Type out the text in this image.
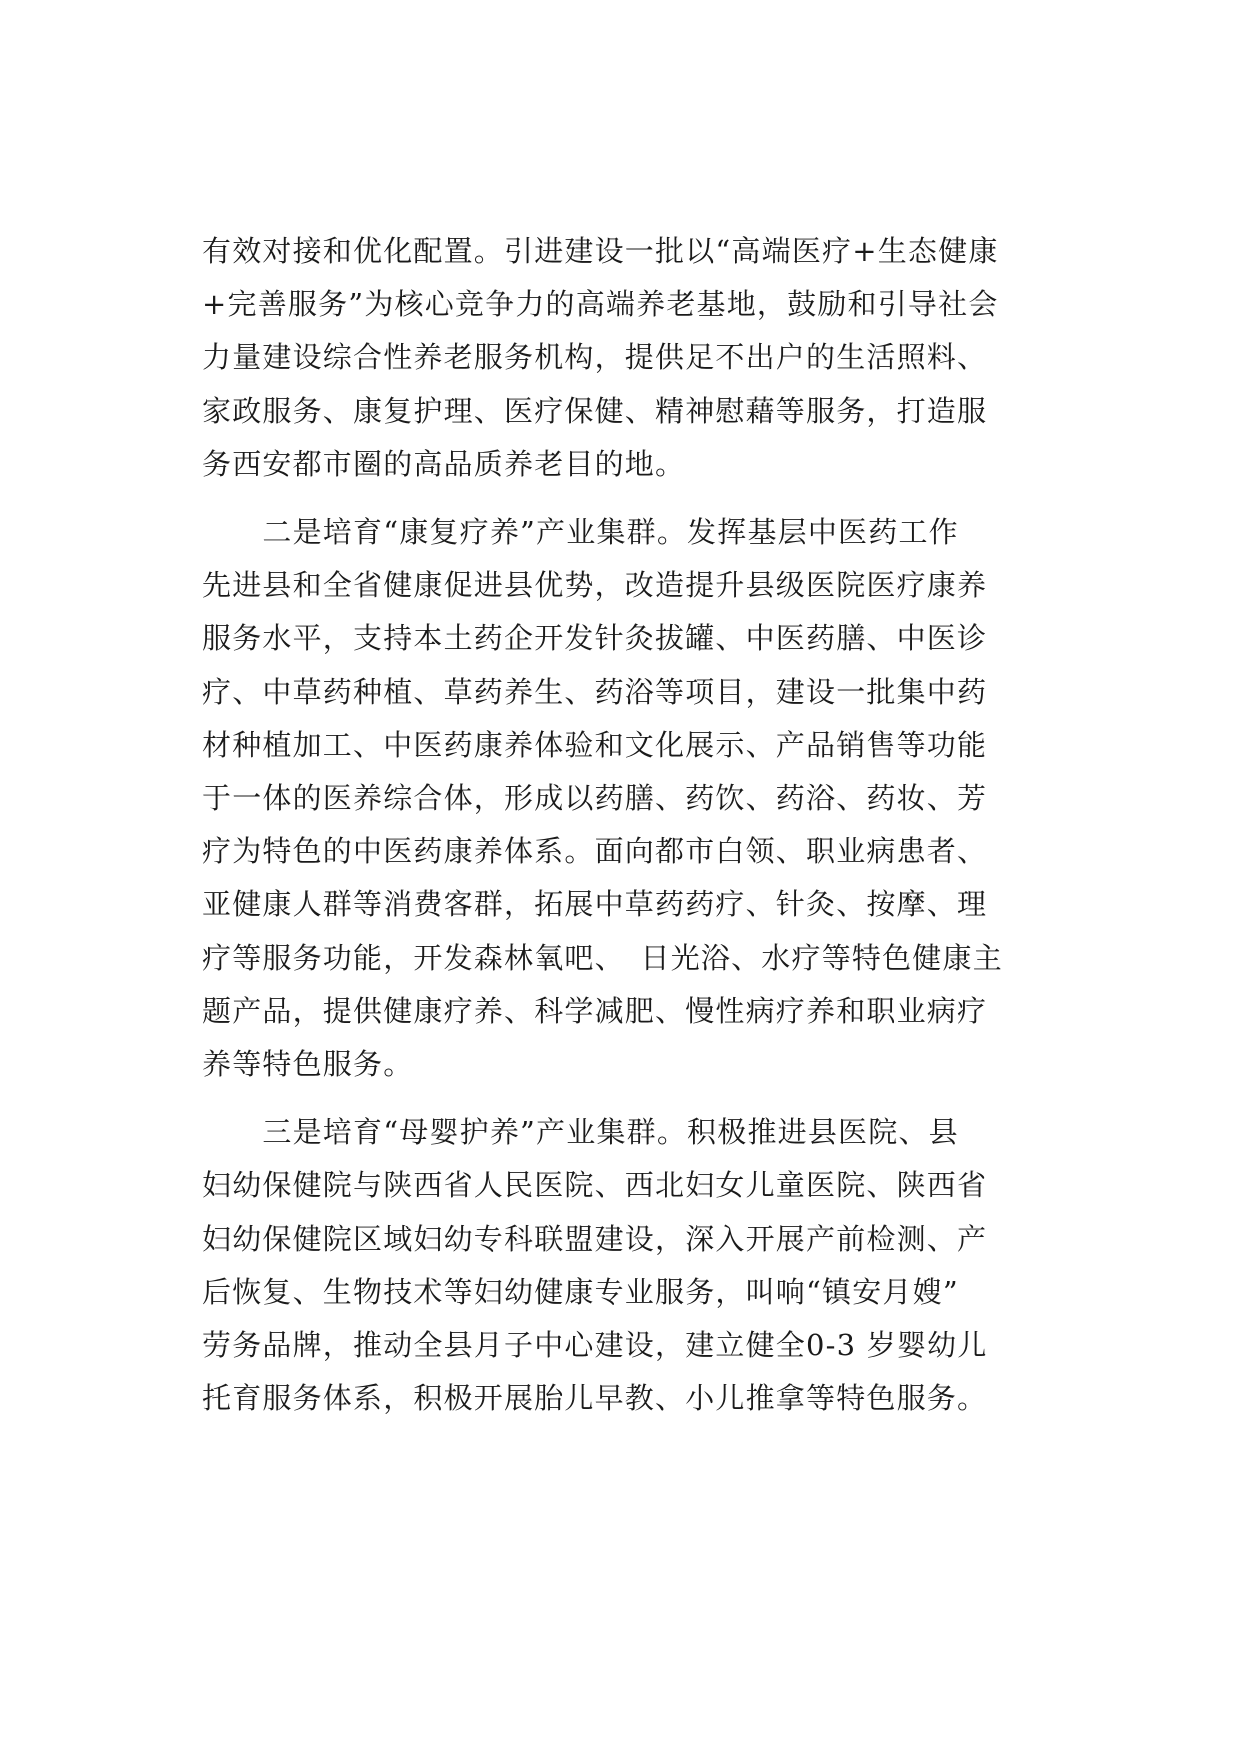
有效对接和优化配置。引进建设一批以“高端医疗+生态健康
+完善服务”为核心竞争力的高端养老基地，鼓励和引导社会
力量建设综合性养老服务机构，提供足不出户的生活照料、
家政服务、康复护理、医疗保健、精神慰藉等服务，打造服
务西安都市圈的高品质养老目的地。
　　二是培育“康复疗养”产业集群。发挥基层中医药工作
先进县和全省健康促进县优势，改造提升县级医院医疗康养
服务水平，支持本土药企开发针灸拔罐、中医药膳、中医诊
疗、中草药种植、草药养生、药浴等项目，建设一批集中药
材种植加工、中医药康养体验和文化展示、产品销售等功能
于一体的医养综合体，形成以药膳、药饮、药浴、药妆、芳
疗为特色的中医药康养体系。面向都市白领、职业病患者、
亚健康人群等消费客群，拓展中草药药疗、针灸、按摩、理
疗等服务功能，开发森林氧吧、　日光浴、水疗等特色健康主
题产品，提供健康疗养、科学减肥、慢性病疗养和职业病疗
养等特色服务。
　　三是培育“母婴护养”产业集群。积极推进县医院、县
妇幼保健院与陕西省人民医院、西北妇女儿童医院、陕西省
妇幼保健院区域妇幼专科联盟建设，深入开展产前检测、产
后恢复、生物技术等妇幼健康专业服务，叫响“镇安月嫂”
劳务品牌，推动全县月子中心建设，建立健全0-3 岁婴幼儿
托育服务体系，积极开展胎儿早教、小儿推拿等特色服务。
